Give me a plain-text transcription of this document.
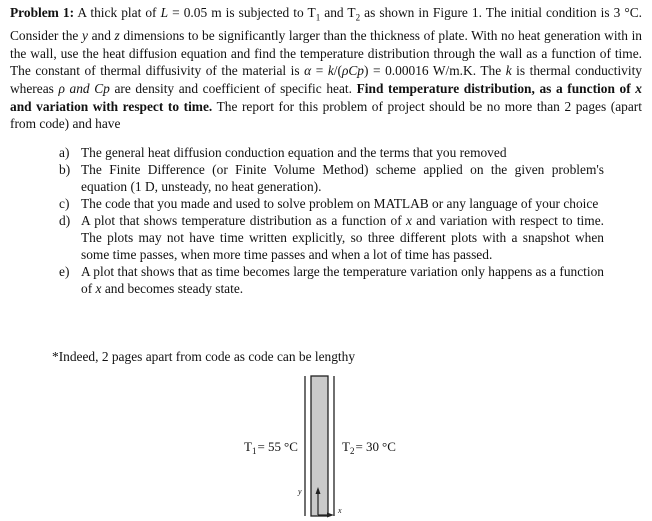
Problem 1: A thick plat of L = 0.05 m is subjected to $T_1$ and $T_2$ as shown in Figure 1. The initial condition is 3 °C. Consider the y and z dimensions to be significantly larger than the thickness of plate. With no heat generation with in the wall, use the heat diffusion equation and find the temperature distribution through the wall as a function of time. The constant of thermal diffusivity of the material is α = k/(ρCp) = 0.00016 W/m.K. The k is thermal conductivity whereas ρ and Cp are density and coefficient of specific heat. Find temperature distribution, as a function of x and variation with respect to time. The report for this problem of project should be no more than 2 pages (apart from code) and have

a) The general heat diffusion conduction equation and the terms that you removed
b) The Finite Difference (or Finite Volume Method) scheme applied on the given problem's equation (1 D, unsteady, no heat generation).
c) The code that you made and used to solve problem on MATLAB or any language of your choice
d) A plot that shows temperature distribution as a function of x and variation with respect to time. The plots may not have time written explicitly, so three different plots with a snapshot when some time passes, when more time passes and when a lot of time has passed.
e) A plot that shows that as time becomes large the temperature variation only happens as a function of x and becomes steady state.

*Indeed, 2 pages apart from code as code can be lengthy

y
x
$T_1= 55$ °C	$T_2= 30$ °C
